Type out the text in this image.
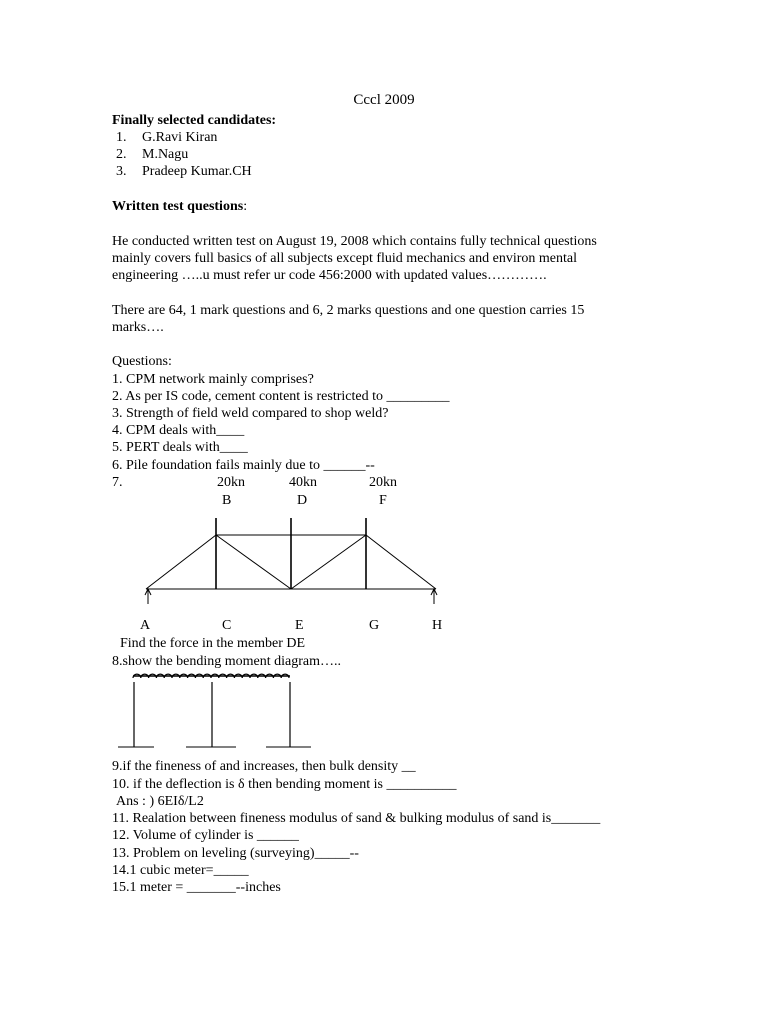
Cccl 2009
Finally selected candidates:
1. G.Ravi Kiran
2. M.Nagu
3. Pradeep Kumar.CH
Written test questions:
He conducted written test on August 19, 2008 which contains fully technical questions
mainly covers full basics of all subjects except fluid mechanics and environ mental
engineering …..u must refer ur code 456:2000 with updated values………….
There are 64, 1 mark questions and 6, 2 marks questions and one question carries 15
marks….
Questions:
1. CPM network mainly comprises?
2. As per IS code, cement content is restricted to _________
3. Strength of field weld compared to shop weld?
4. CPM deals with____
5. PERT deals with____
6. Pile foundation fails mainly due to ______--
7.	20kn	40kn	20kn
B	D	F
A	C	E	G	H
Find the force in the member DE
8.show the bending moment diagram…..
9.if the fineness of and increases, then bulk density __
10. if the deflection is δ then bending moment is __________
Ans : ) 6EIδ/L2
11. Realation between fineness modulus of sand & bulking modulus of sand is_______
12. Volume of cylinder is ______
13. Problem on leveling (surveying)_____--
14.1 cubic meter=_____
15.1 meter = _______--inches
